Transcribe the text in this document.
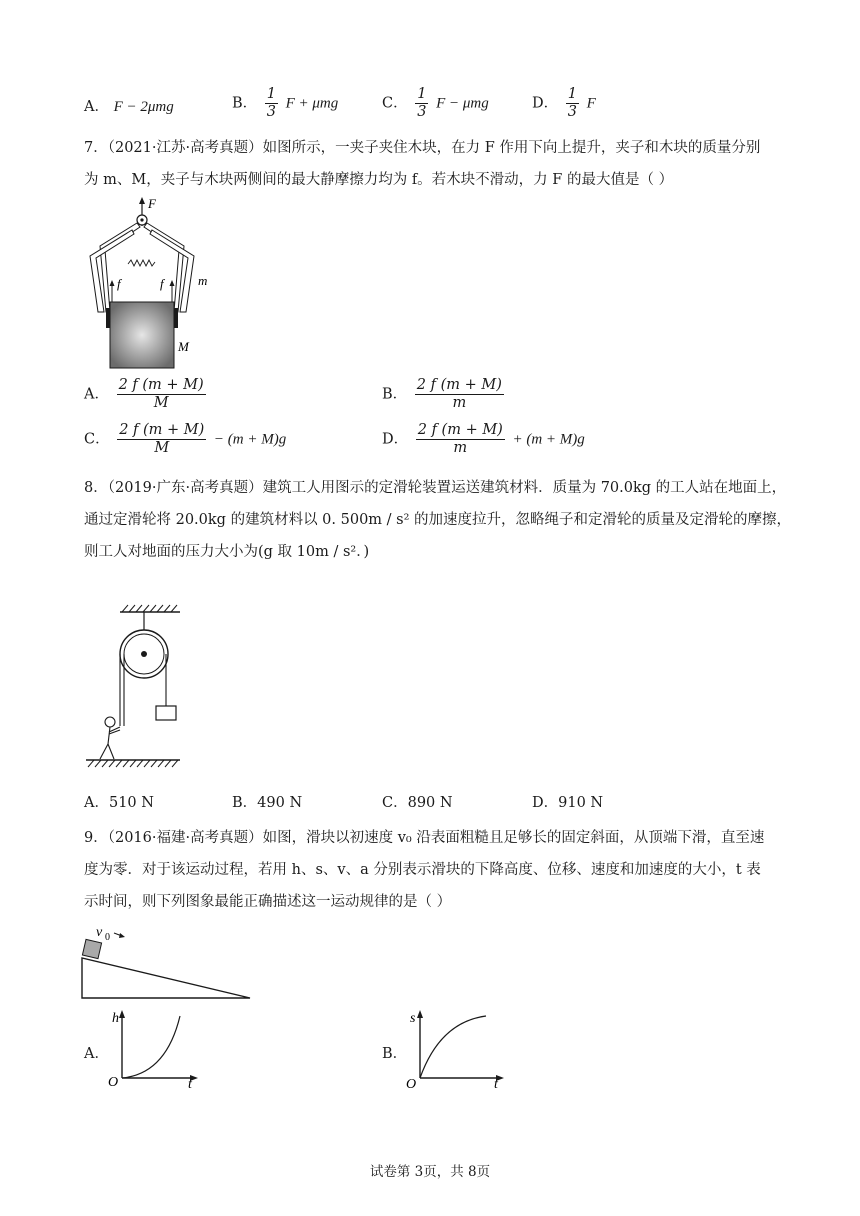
A． F − 2μmg	B． $\frac{1}{3}$ F + μmg	C． $\frac{1}{3}$ F − μmg	D． $\frac{1}{3}$ F
7．（2021·江苏·高考真题）如图所示，一夹子夹住木块，在力 F 作用下向上提升，夹子和木块的质量分别
为 m、M，夹子与木块两侧间的最大静摩擦力均为 f。若木块不滑动，力 F 的最大值是（ ）
F
f	f	m
M
A． $\frac{2 f (m + M)}{M}$	B． $\frac{2 f (m + M)}{m}$
C． $\frac{2 f (m + M)}{M} - (m + M)g$	D． $\frac{2 f (m + M)}{m} + (m + M)g$
8．（2019·广东·高考真题）建筑工人用图示的定滑轮装置运送建筑材料．质量为 70.0kg 的工人站在地面上，
通过定滑轮将 20.0kg 的建筑材料以 0. 500m / s² 的加速度拉升，忽略绳子和定滑轮的质量及定滑轮的摩擦，
则工人对地面的压力大小为(g 取 10m / s²．)
A．510 N	B．490 N	C．890 N	D．910 N
9．（2016·福建·高考真题）如图，滑块以初速度 v₀ 沿表面粗糙且足够长的固定斜面，从顶端下滑，直至速
度为零．对于该运动过程，若用 h、s、v、a 分别表示滑块的下降高度、位移、速度和加速度的大小，t 表
示时间，则下列图象最能正确描述这一运动规律的是（ ）
v 0
A．
h
t
O
B．
s
t
O
试卷第 3页，共 8页
